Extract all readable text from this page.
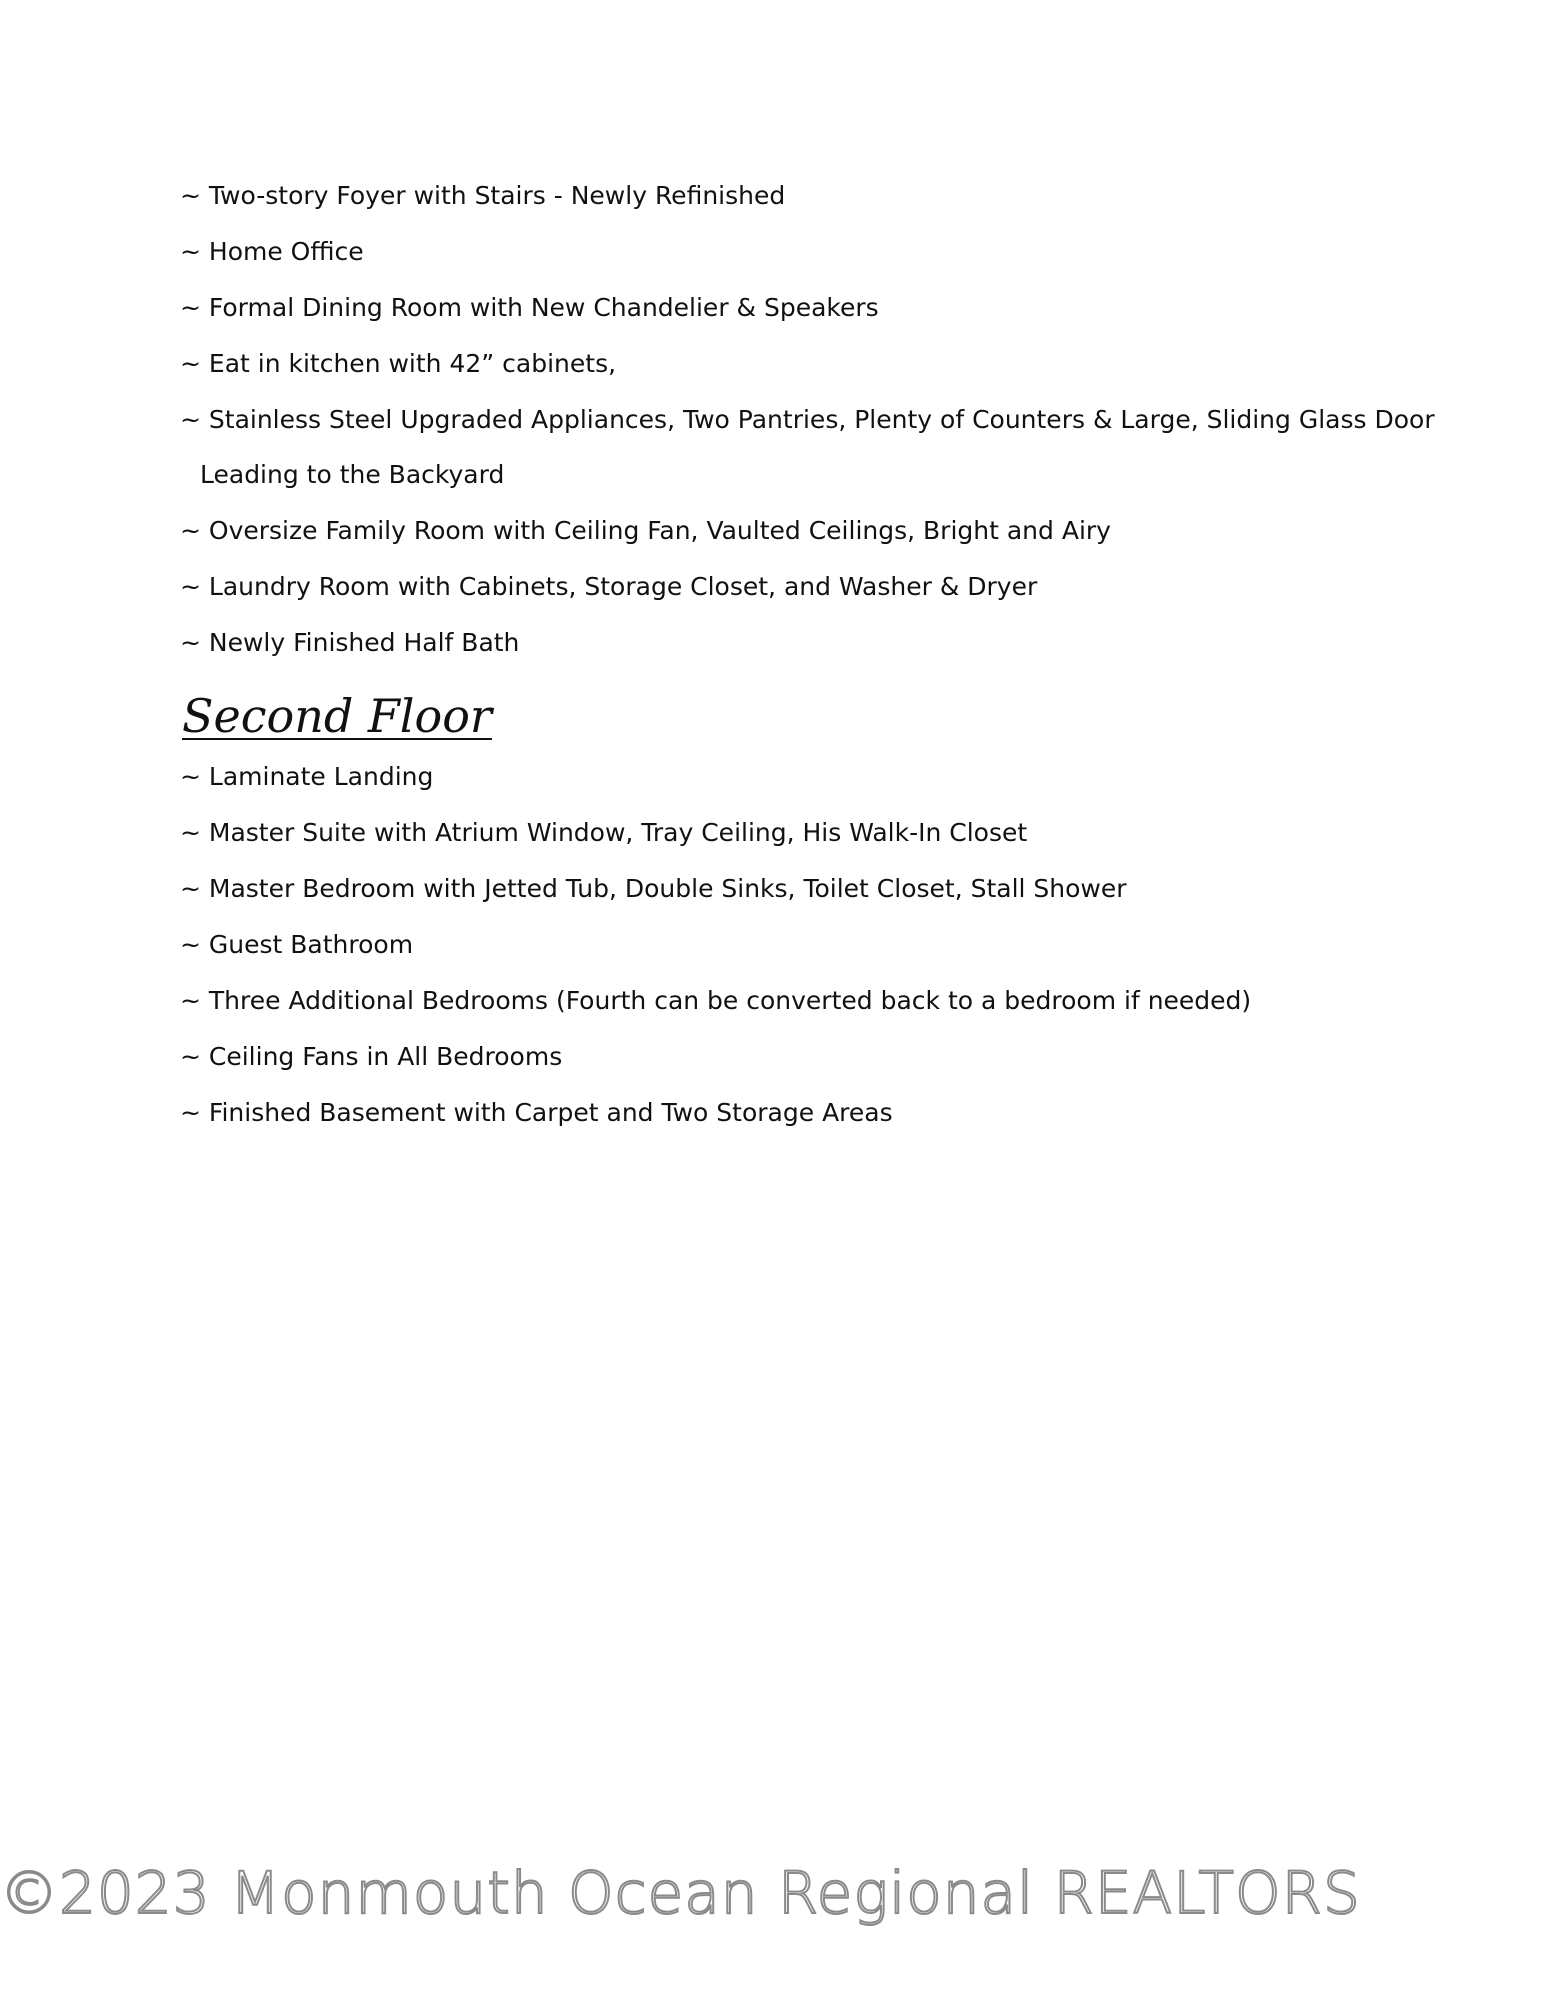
~ Two-story Foyer with Stairs - Newly Refinished
~ Home Office
~ Formal Dining Room with New Chandelier & Speakers
~ Eat in kitchen with 42” cabinets,
~ Stainless Steel Upgraded Appliances, Two Pantries, Plenty of Counters & Large, Sliding Glass Door
Leading to the Backyard
~ Oversize Family Room with Ceiling Fan, Vaulted Ceilings, Bright and Airy
~ Laundry Room with Cabinets, Storage Closet, and Washer & Dryer
~ Newly Finished Half Bath
Second Floor
~ Laminate Landing
~ Master Suite with Atrium Window, Tray Ceiling, His Walk-In Closet
~ Master Bedroom with Jetted Tub, Double Sinks, Toilet Closet, Stall Shower
~ Guest Bathroom
~ Three Additional Bedrooms (Fourth can be converted back to a bedroom if needed)
~ Ceiling Fans in All Bedrooms
~ Finished Basement with Carpet and Two Storage Areas
©2023 Monmouth Ocean Regional REALTORS
